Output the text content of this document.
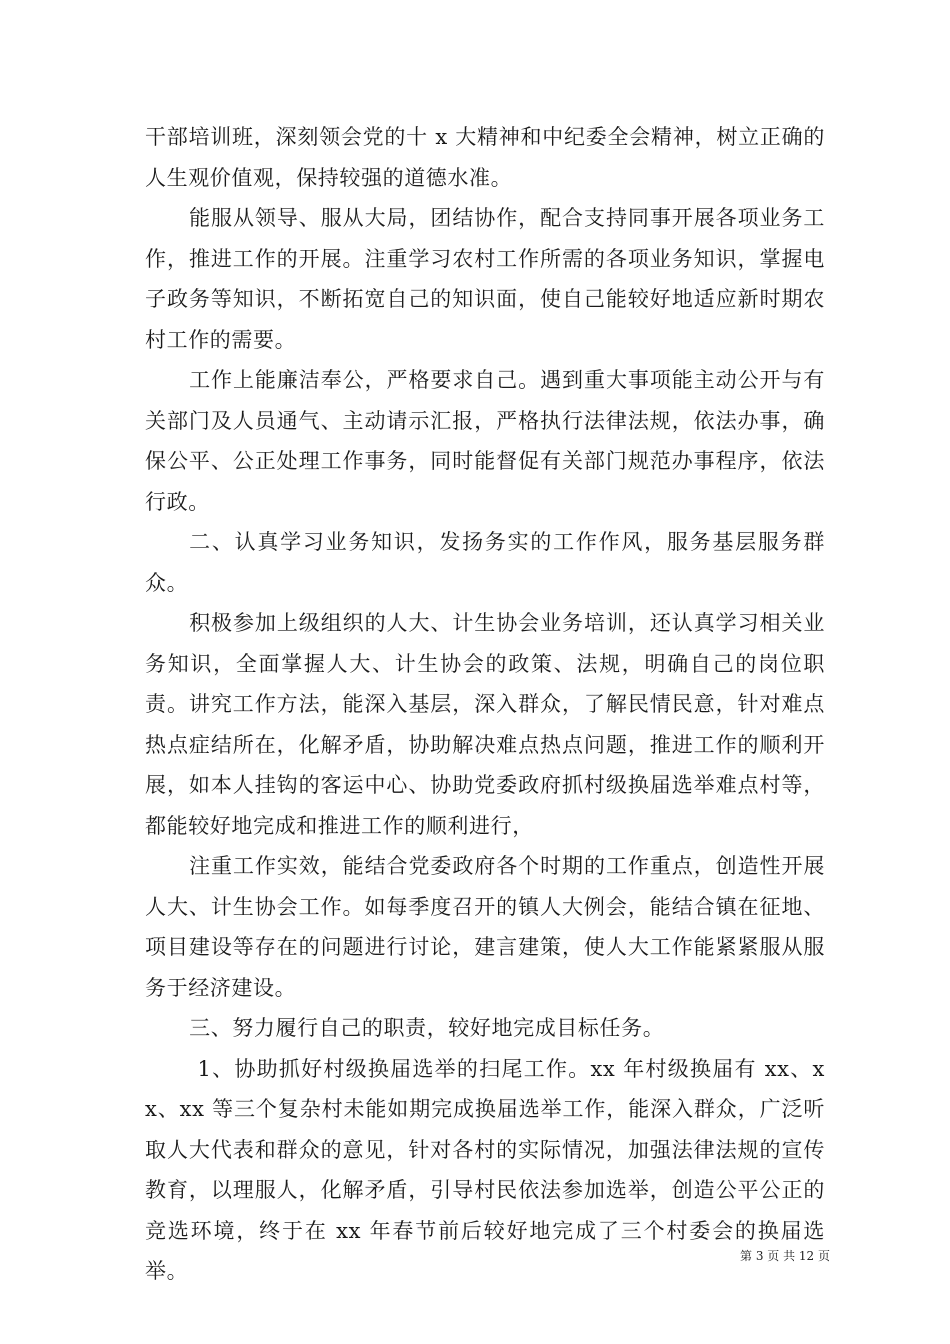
干部培训班，深刻领会党的十 x 大精神和中纪委全会精神，树立正确的人生观价值观，保持较强的道德水准。

能服从领导、服从大局，团结协作，配合支持同事开展各项业务工作，推进工作的开展。注重学习农村工作所需的各项业务知识，掌握电子政务等知识，不断拓宽自己的知识面，使自己能较好地适应新时期农村工作的需要。

工作上能廉洁奉公，严格要求自己。遇到重大事项能主动公开与有关部门及人员通气、主动请示汇报，严格执行法律法规，依法办事，确保公平、公正处理工作事务，同时能督促有关部门规范办事程序，依法行政。

二、认真学习业务知识，发扬务实的工作作风，服务基层服务群众。

积极参加上级组织的人大、计生协会业务培训，还认真学习相关业务知识，全面掌握人大、计生协会的政策、法规，明确自己的岗位职责。讲究工作方法，能深入基层，深入群众，了解民情民意，针对难点热点症结所在，化解矛盾，协助解决难点热点问题，推进工作的顺利开展，如本人挂钩的客运中心、协助党委政府抓村级换届选举难点村等，都能较好地完成和推进工作的顺利进行，

注重工作实效，能结合党委政府各个时期的工作重点，创造性开展人大、计生协会工作。如每季度召开的镇人大例会，能结合镇在征地、项目建设等存在的问题进行讨论，建言建策，使人大工作能紧紧服从服务于经济建设。

三、努力履行自己的职责，较好地完成目标任务。

1、协助抓好村级换届选举的扫尾工作。xx 年村级换届有 xx、xx、xx 等三个复杂村未能如期完成换届选举工作，能深入群众，广泛听取人大代表和群众的意见，针对各村的实际情况，加强法律法规的宣传教育，以理服人，化解矛盾，引导村民依法参加选举，创造公平公正的竞选环境，终于在 xx 年春节前后较好地完成了三个村委会的换届选举。

第 3 页 共 12 页
